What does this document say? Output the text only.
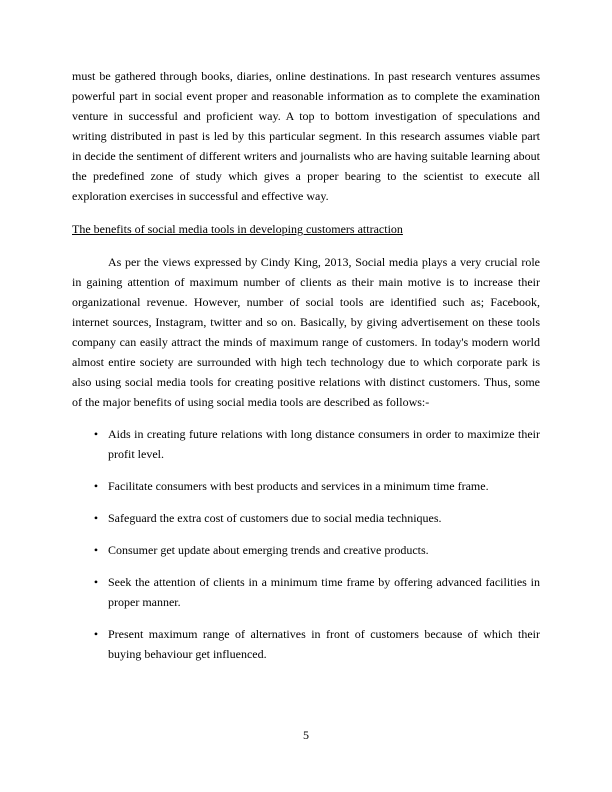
must be gathered through books, diaries, online destinations. In past research ventures assumes powerful part in social event proper and reasonable information as to complete the examination venture in successful and proficient way. A top to bottom investigation of speculations and writing distributed in past is led by this particular segment. In this research assumes viable part in decide the sentiment of different writers and journalists who are having suitable learning about the predefined zone of study which gives a proper bearing to the scientist to execute all exploration exercises in successful and effective way.

The benefits of social media tools in developing customers attraction

As per the views expressed by Cindy King, 2013, Social media plays a very crucial role in gaining attention of maximum number of clients as their main motive is to increase their organizational revenue. However, number of social tools are identified such as; Facebook, internet sources, Instagram, twitter and so on. Basically, by giving advertisement on these tools company can easily attract the minds of maximum range of customers. In today's modern world almost entire society are surrounded with high tech technology due to which corporate park is also using social media tools for creating positive relations with distinct customers. Thus, some of the major benefits of using social media tools are described as follows:-

• Aids in creating future relations with long distance consumers in order to maximize their profit level.
• Facilitate consumers with best products and services in a minimum time frame.
• Safeguard the extra cost of customers due to social media techniques.
• Consumer get update about emerging trends and creative products.
• Seek the attention of clients in a minimum time frame by offering advanced facilities in proper manner.
• Present maximum range of alternatives in front of customers because of which their buying behaviour get influenced.
5
